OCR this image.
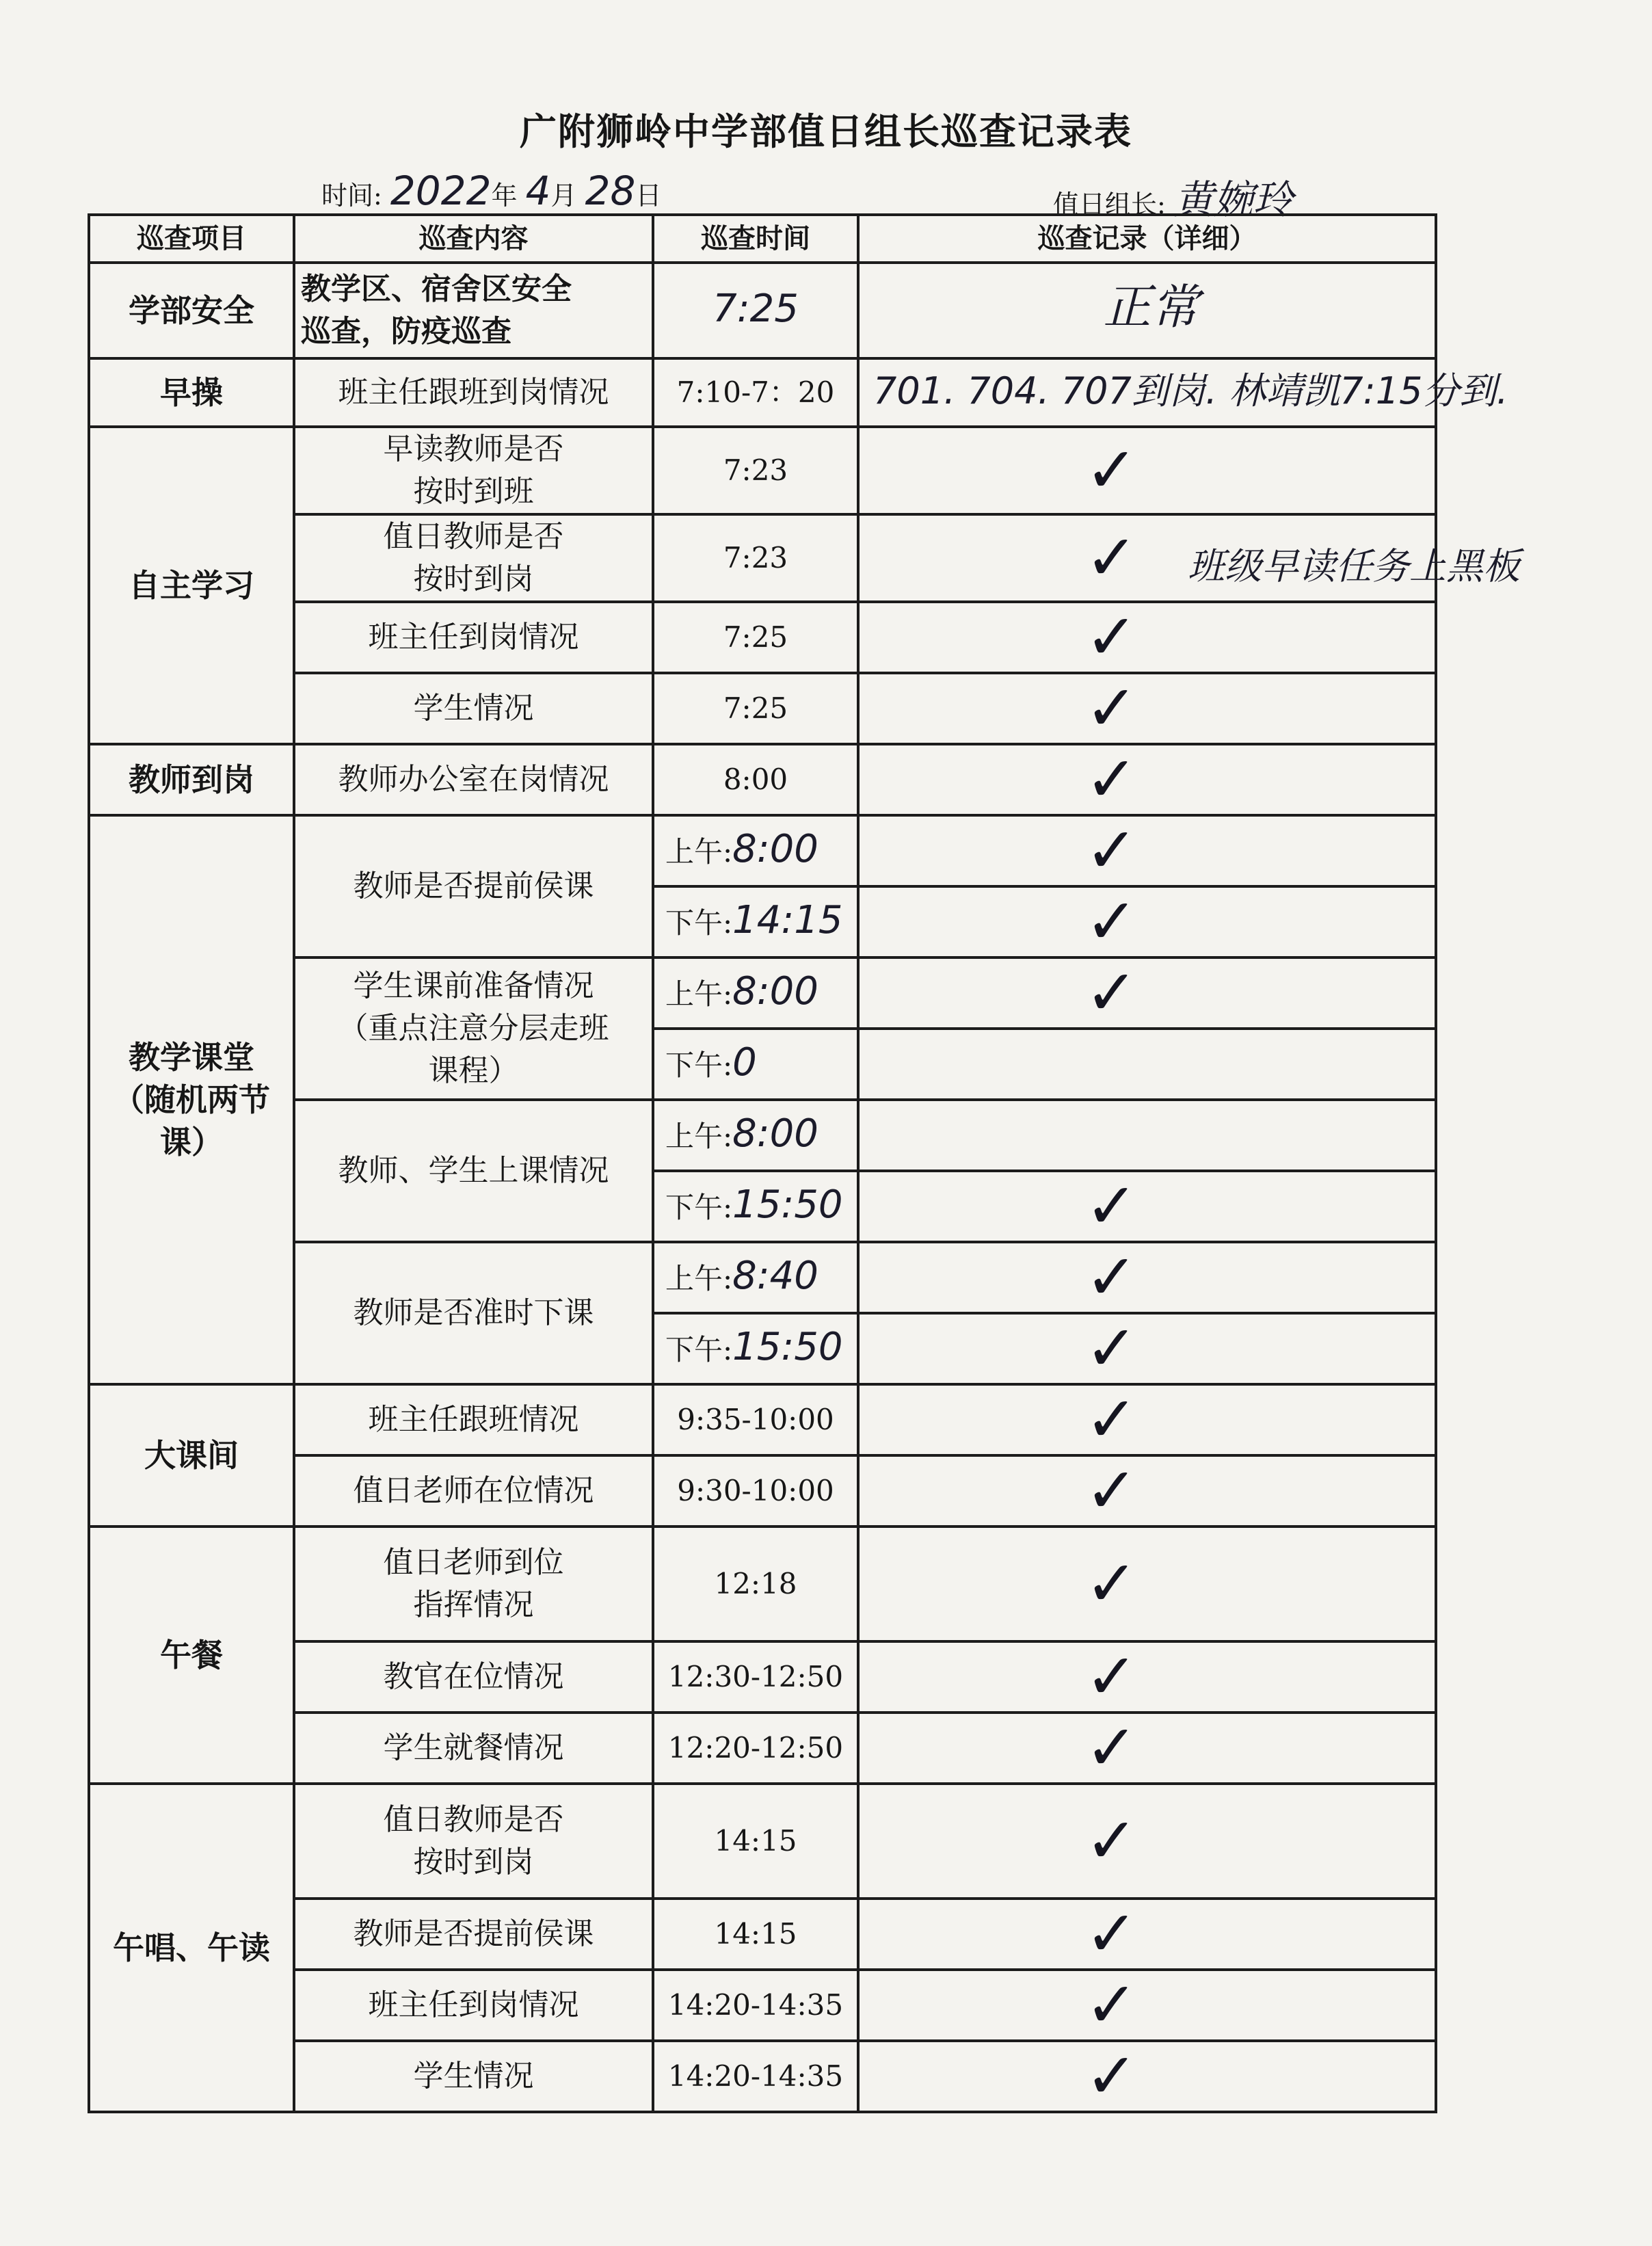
广附狮岭中学部值日组长巡查记录表
时间: 2022年 4月 28日	值日组长: 黄婉玲
巡查项目	巡查内容	巡查时间	巡查记录（详细）
学部安全	教学区、宿舍区安全
巡查，防疫巡查	7:25	正常
早操	班主任跟班到岗情况	7:10-7：20	701. 704. 707到岗. 林靖凯7:15分到.
自主学习	早读教师是否
按时到班	7:23	✓

	值日教师是否
按时到岗	7:23	✓ 班级早读任务上黑板

	班主任到岗情况	7:25	✓

	学生情况	7:25	✓

教师到岗	教师办公室在岗情况	8:00	✓

教学课堂
（随机两节
课）	教师是否提前侯课	上午:8:00	✓

		下午:14:15	✓

	学生课前准备情况
（重点注意分层走班
课程）	上午:8:00	✓

		下午:0	
	教师、学生上课情况	上午:8:00	
		下午:15:50	✓

	教师是否准时下课	上午:8:40	✓

		下午:15:50	✓

大课间	班主任跟班情况	9:35-10:00	✓

	值日老师在位情况	9:30-10:00	✓

午餐	值日老师到位
指挥情况	12:18	✓

	教官在位情况	12:30-12:50	✓

	学生就餐情况	12:20-12:50	✓

午唱、午读	值日教师是否
按时到岗	14:15	✓

	教师是否提前侯课	14:15	✓

	班主任到岗情况	14:20-14:35	✓

	学生情况	14:20-14:35	✓
